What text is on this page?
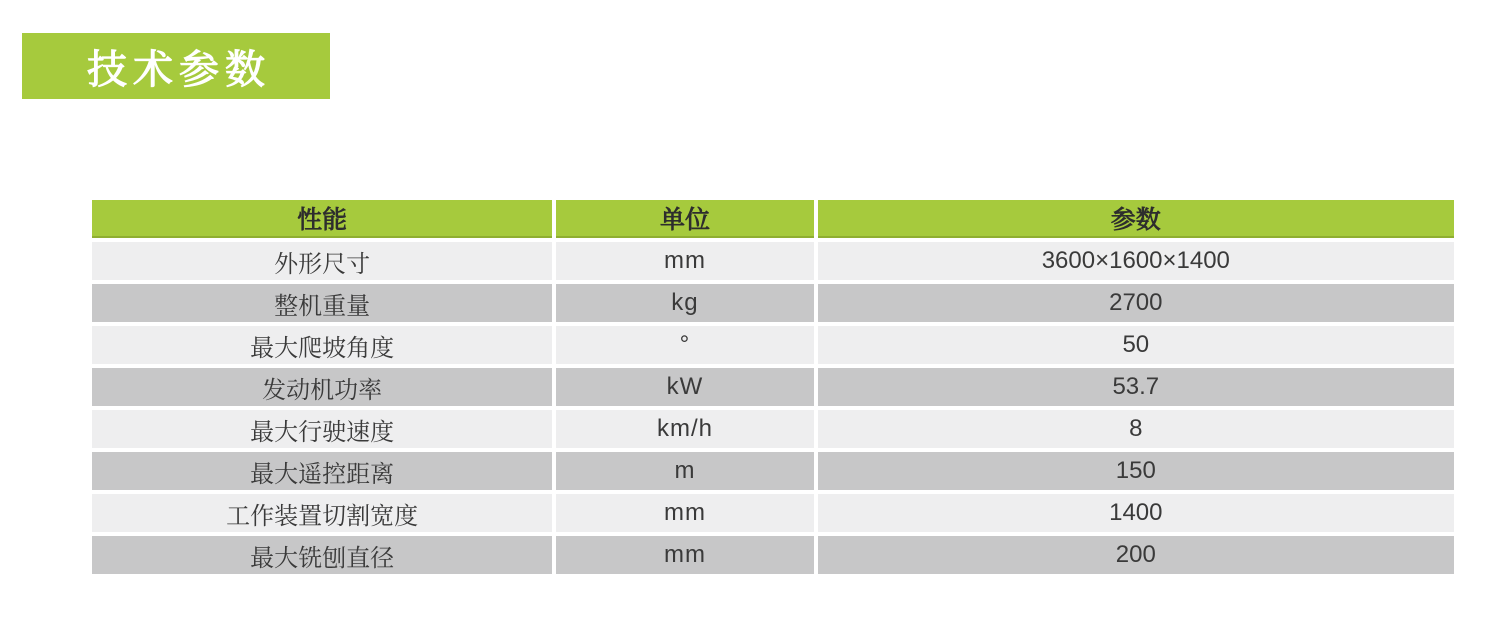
技术参数
性能	单位	参数
外形尺寸	mm	3600×1600×1400
整机重量	kg	2700
最大爬坡角度	°	50
发动机功率	kW	53.7
最大行驶速度	km/h	8
最大遥控距离	m	150
工作装置切割宽度	mm	1400
最大铣刨直径	mm	200
